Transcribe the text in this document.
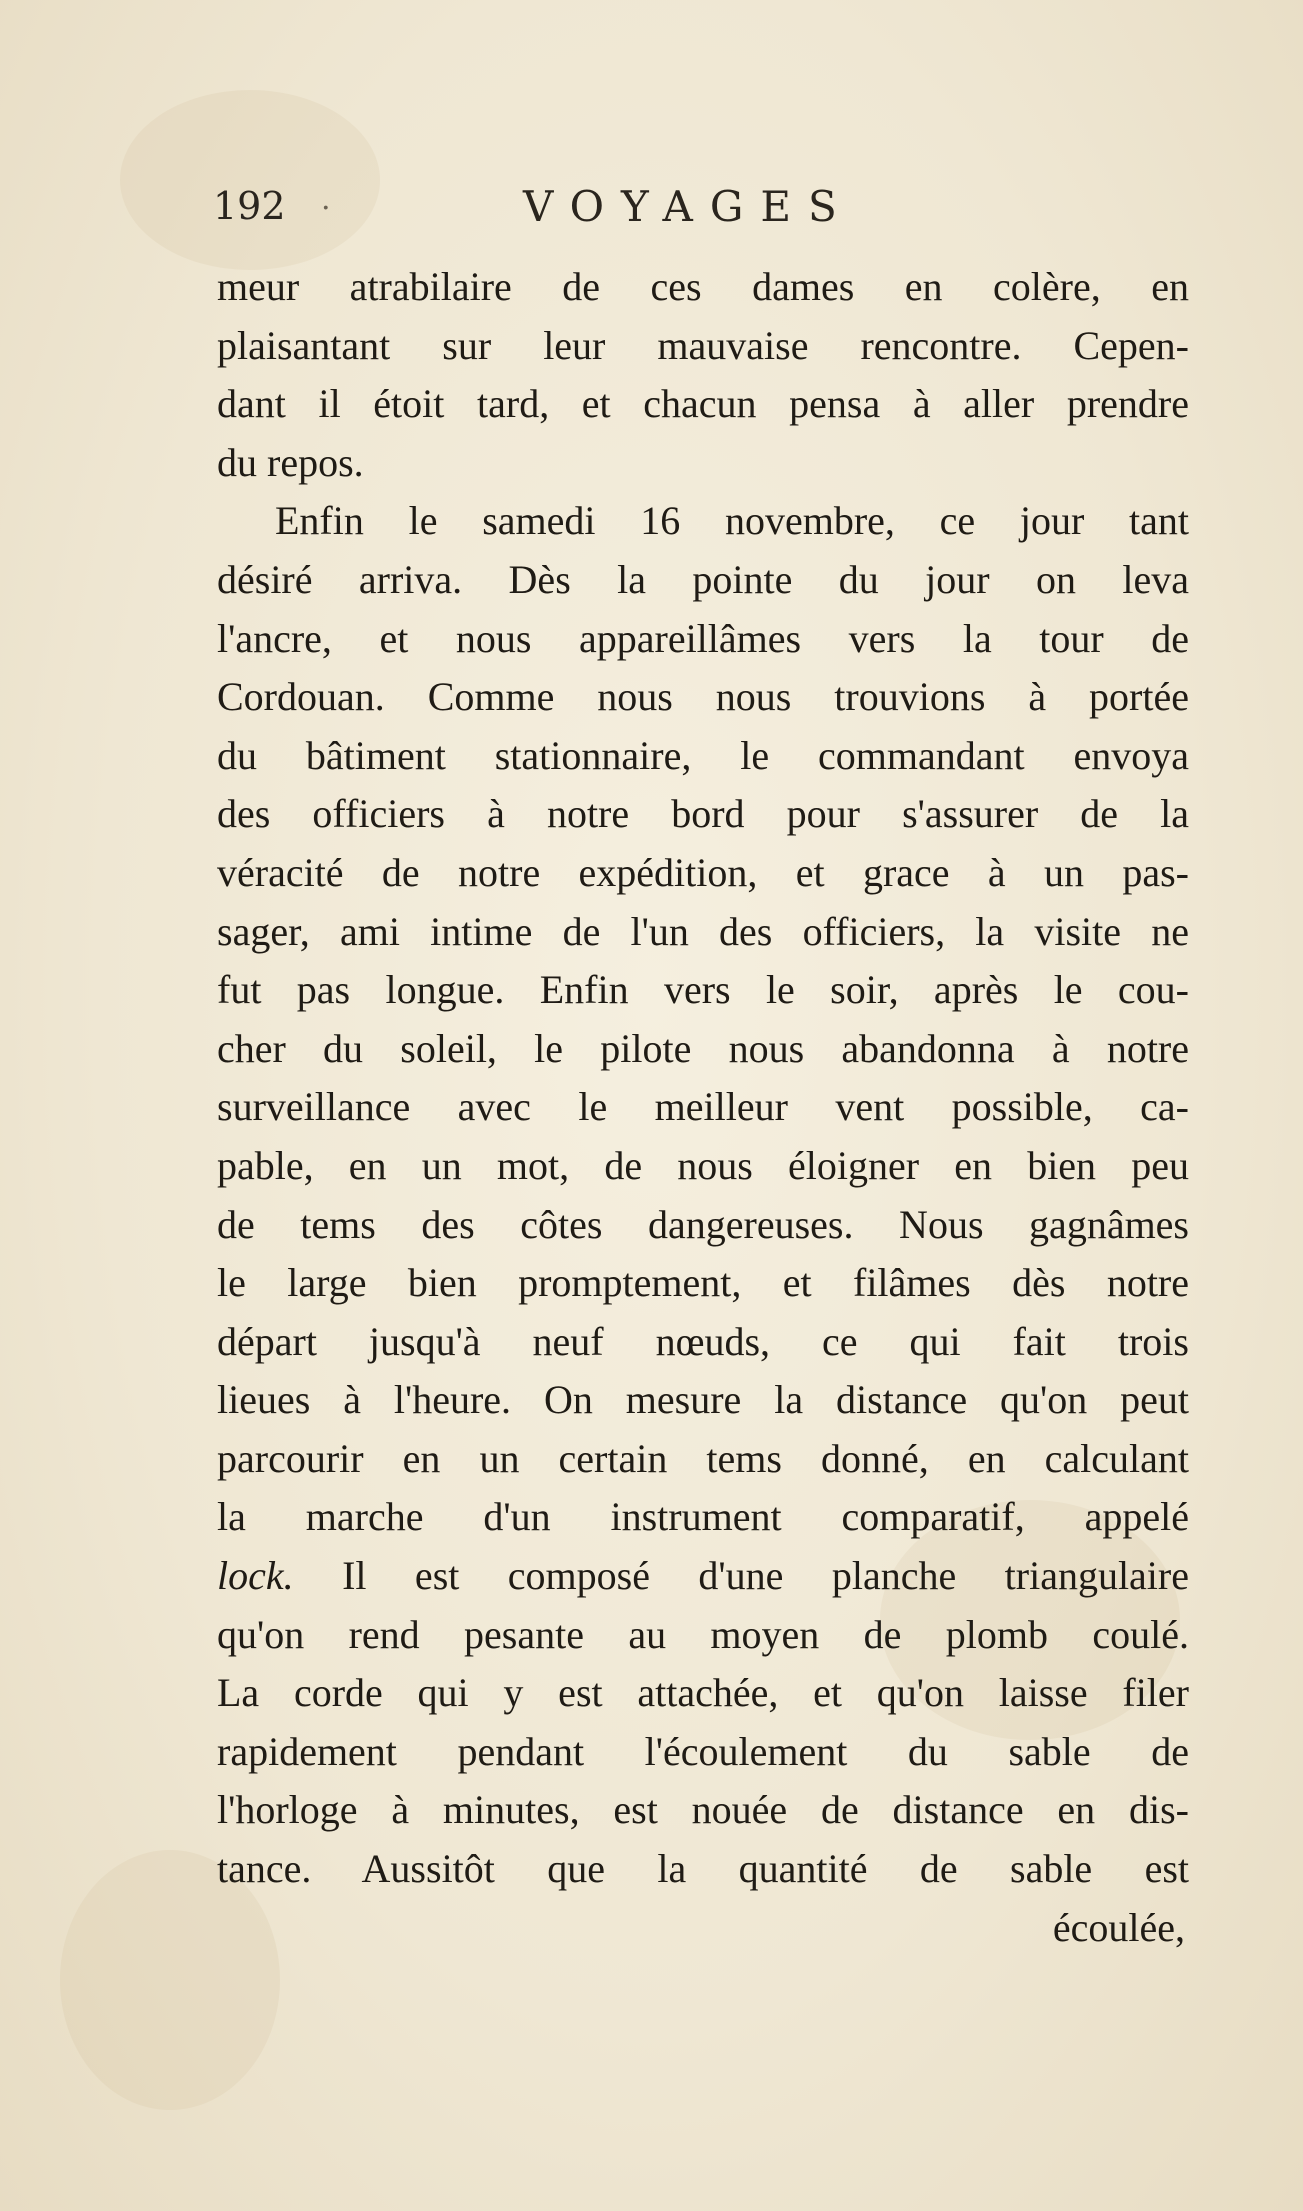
192 .	VOYAGES
meur atrabilaire de ces dames en colère, en
plaisantant sur leur mauvaise rencontre. Cepen-
dant il étoit tard, et chacun pensa à aller prendre
du repos.
Enfin le samedi 16 novembre, ce jour tant
désiré arriva. Dès la pointe du jour on leva
l'ancre, et nous appareillâmes vers la tour de
Cordouan. Comme nous nous trouvions à portée
du bâtiment stationnaire, le commandant envoya
des officiers à notre bord pour s'assurer de la
véracité de notre expédition, et grace à un pas-
sager, ami intime de l'un des officiers, la visite ne
fut pas longue. Enfin vers le soir, après le cou-
cher du soleil, le pilote nous abandonna à notre
surveillance avec le meilleur vent possible, ca-
pable, en un mot, de nous éloigner en bien peu
de tems des côtes dangereuses. Nous gagnâmes
le large bien promptement, et filâmes dès notre
départ jusqu'à neuf nœuds, ce qui fait trois
lieues à l'heure. On mesure la distance qu'on peut
parcourir en un certain tems donné, en calculant
la marche d'un instrument comparatif, appelé
lock. Il est composé d'une planche triangulaire
qu'on rend pesante au moyen de plomb coulé.
La corde qui y est attachée, et qu'on laisse filer
rapidement pendant l'écoulement du sable de
l'horloge à minutes, est nouée de distance en dis-
tance. Aussitôt que la quantité de sable est
écoulée,
